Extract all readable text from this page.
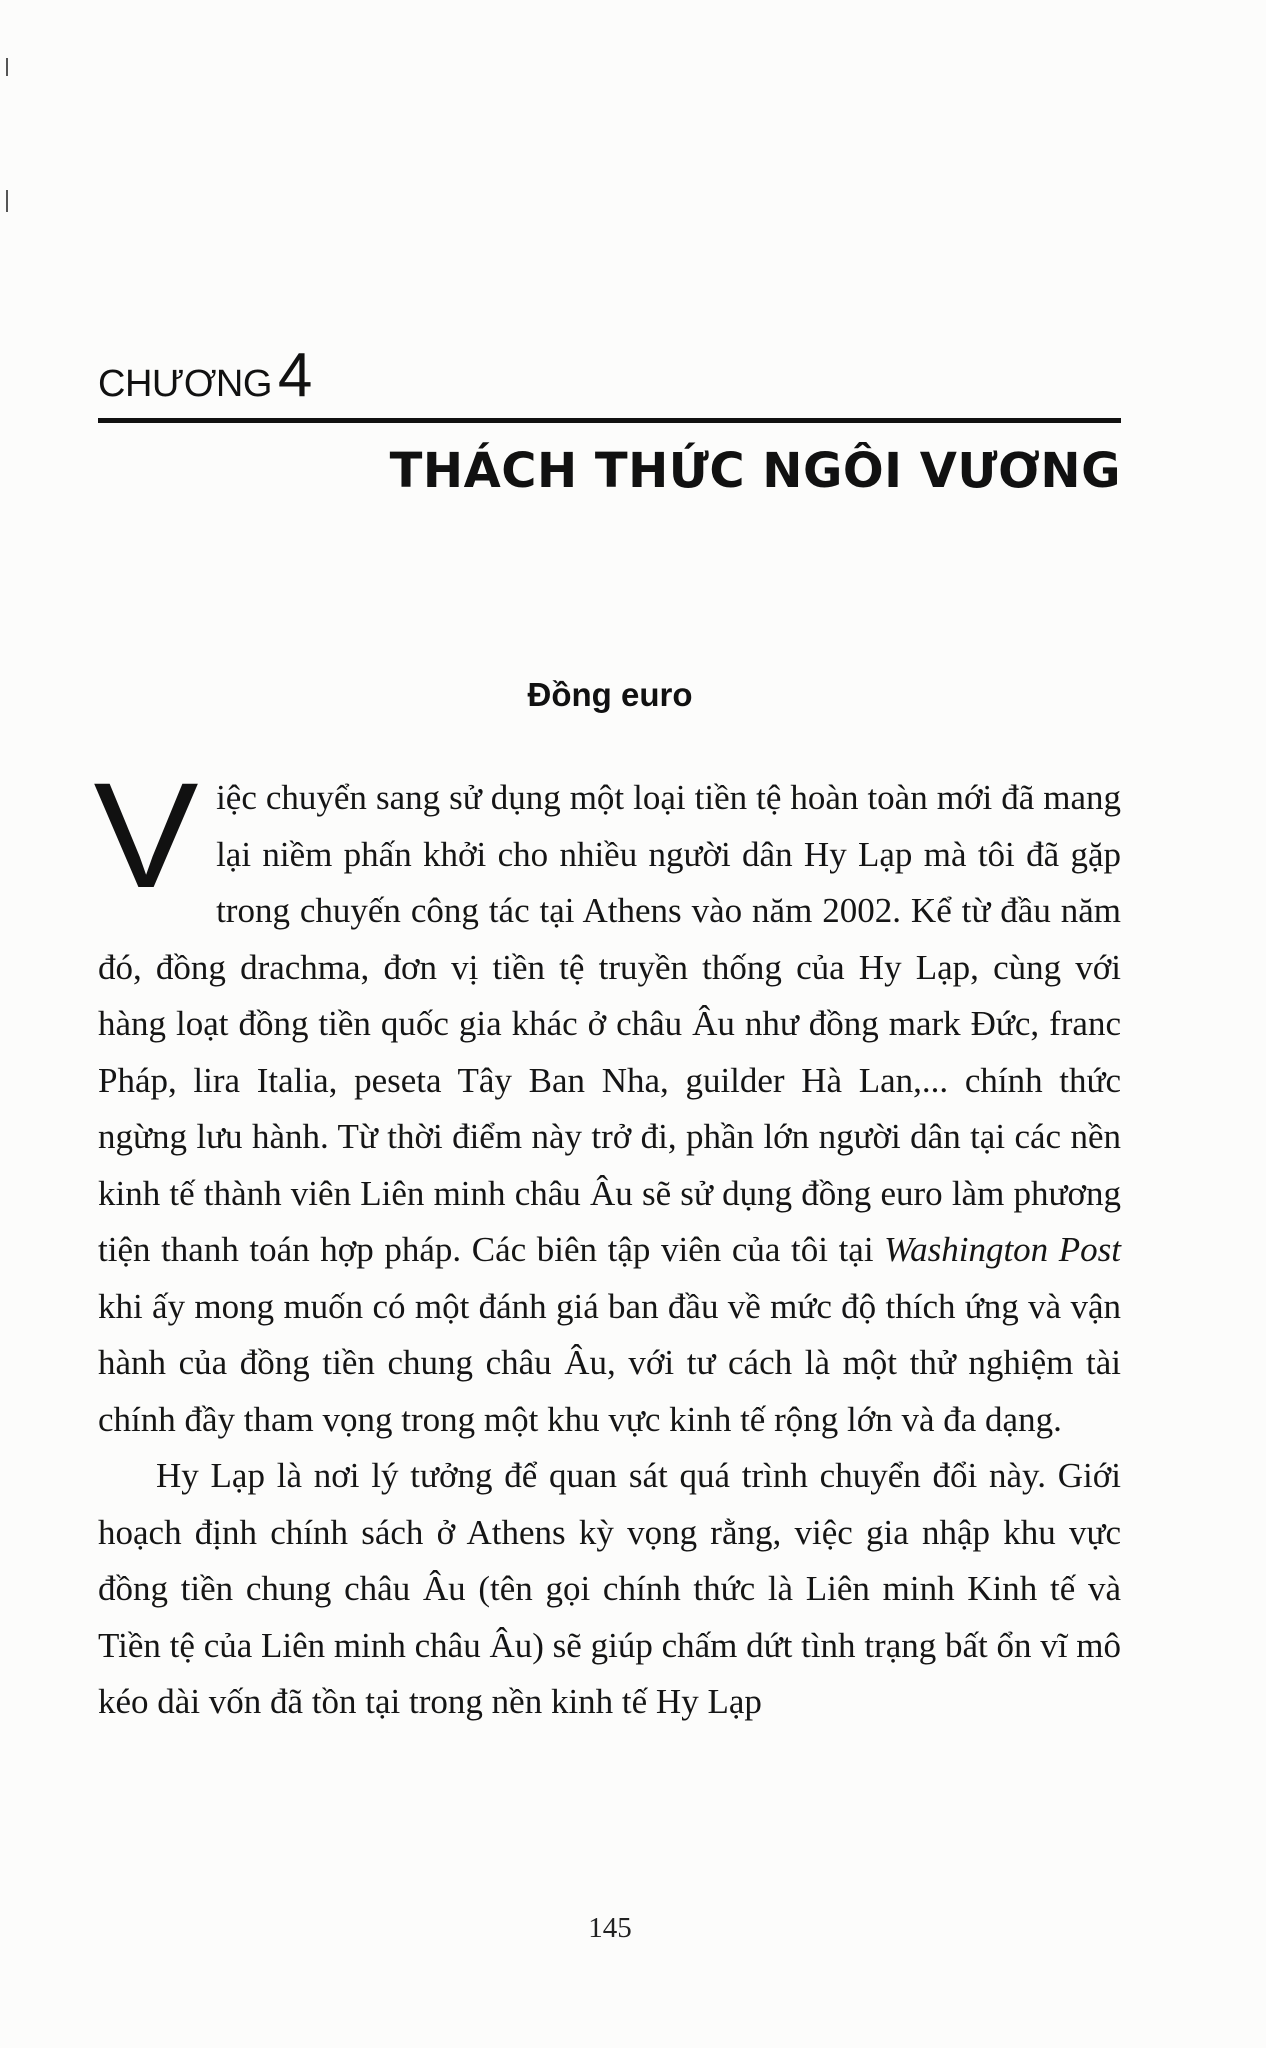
CHƯƠNG4
THÁCH THỨC NGÔI VƯƠNG
Đồng euro

Việc chuyển sang sử dụng một loại tiền tệ hoàn toàn mới đã mang lại niềm phấn khởi cho nhiều người dân Hy Lạp mà tôi đã gặp trong chuyến công tác tại Athens vào năm 2002. Kể từ đầu năm đó, đồng drachma, đơn vị tiền tệ truyền thống của Hy Lạp, cùng với hàng loạt đồng tiền quốc gia khác ở châu Âu như đồng mark Đức, franc Pháp, lira Italia, peseta Tây Ban Nha, guilder Hà Lan,... chính thức ngừng lưu hành. Từ thời điểm này trở đi, phần lớn người dân tại các nền kinh tế thành viên Liên minh châu Âu sẽ sử dụng đồng euro làm phương tiện thanh toán hợp pháp. Các biên tập viên của tôi tại Washington Post khi ấy mong muốn có một đánh giá ban đầu về mức độ thích ứng và vận hành của đồng tiền chung châu Âu, với tư cách là một thử nghiệm tài chính đầy tham vọng trong một khu vực kinh tế rộng lớn và đa dạng.

Hy Lạp là nơi lý tưởng để quan sát quá trình chuyển đổi này. Giới hoạch định chính sách ở Athens kỳ vọng rằng, việc gia nhập khu vực đồng tiền chung châu Âu (tên gọi chính thức là Liên minh Kinh tế và Tiền tệ của Liên minh châu Âu) sẽ giúp chấm dứt tình trạng bất ổn vĩ mô kéo dài vốn đã tồn tại trong nền kinh tế Hy Lạp

145
